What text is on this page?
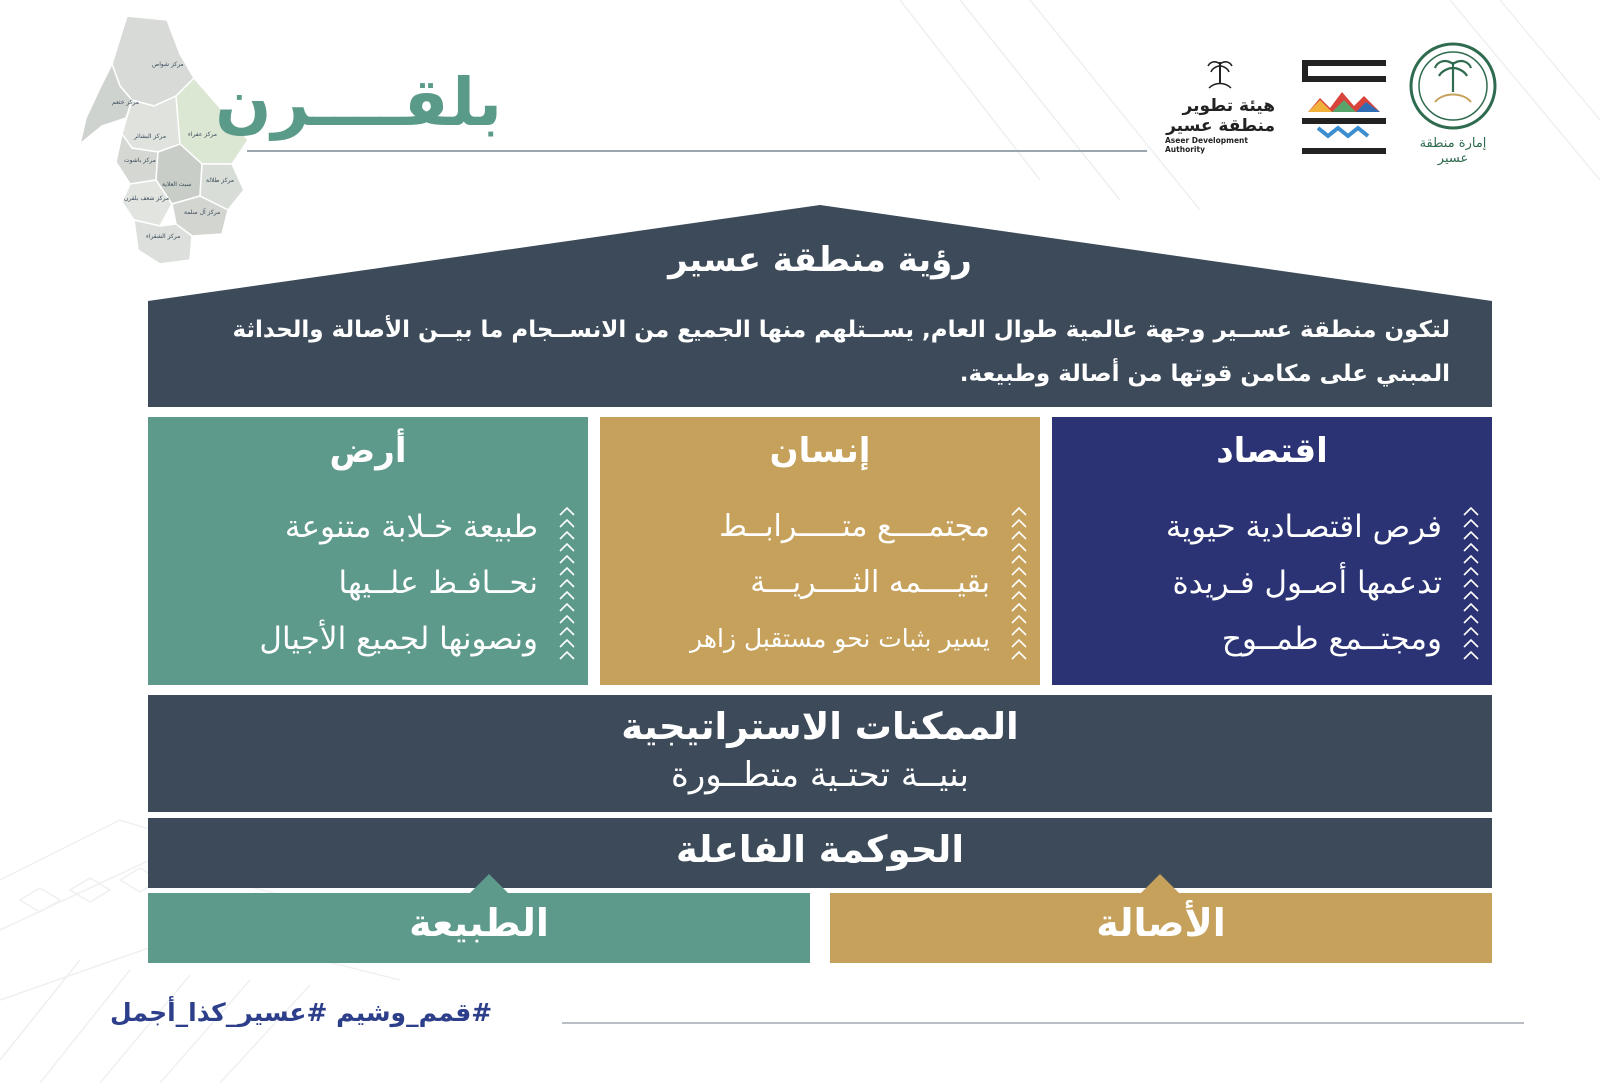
مركز شواص
مركز خثعم
مركز البشائر	مركز عفراء
مركز باشوت
سبت العلاية
مركز طلالة
مركز شعف بلقرن
مركز آل سلمة
مركز الشقراء
بلقــــرن	هيئة تطوير
منطقة عسير
Aseer Development Authority	إمارة منطقة عسير
رؤية منطقة عسير
لتكون منطقة عســير وجهة عالمية طوال العام, يســتلهم منها الجميع من الانســجام ما بيــن الأصالة والحداثة
المبني على مكامن قوتها من أصالة وطبيعة.
اقتصاد
فرص اقتصـادية حيوية
تدعمها أصـول فـريدة
ومجتــمع طمــوح
إنسان
مجتمــــع متـــــرابــط
بقيــــمه الثــــريـــة
يسير بثبات نحو مستقبل زاهر
أرض
طبيعة خـلابة متنوعة
نحــافـظ علــيها
ونصونها لجميع الأجيال
الممكنات الاستراتيجية
بنيــة تحتـية متطــورة
الحوكمة الفاعلة
الأصالة
الطبيعة
#قمم_وشيم #عسير_كذا_أجمل
